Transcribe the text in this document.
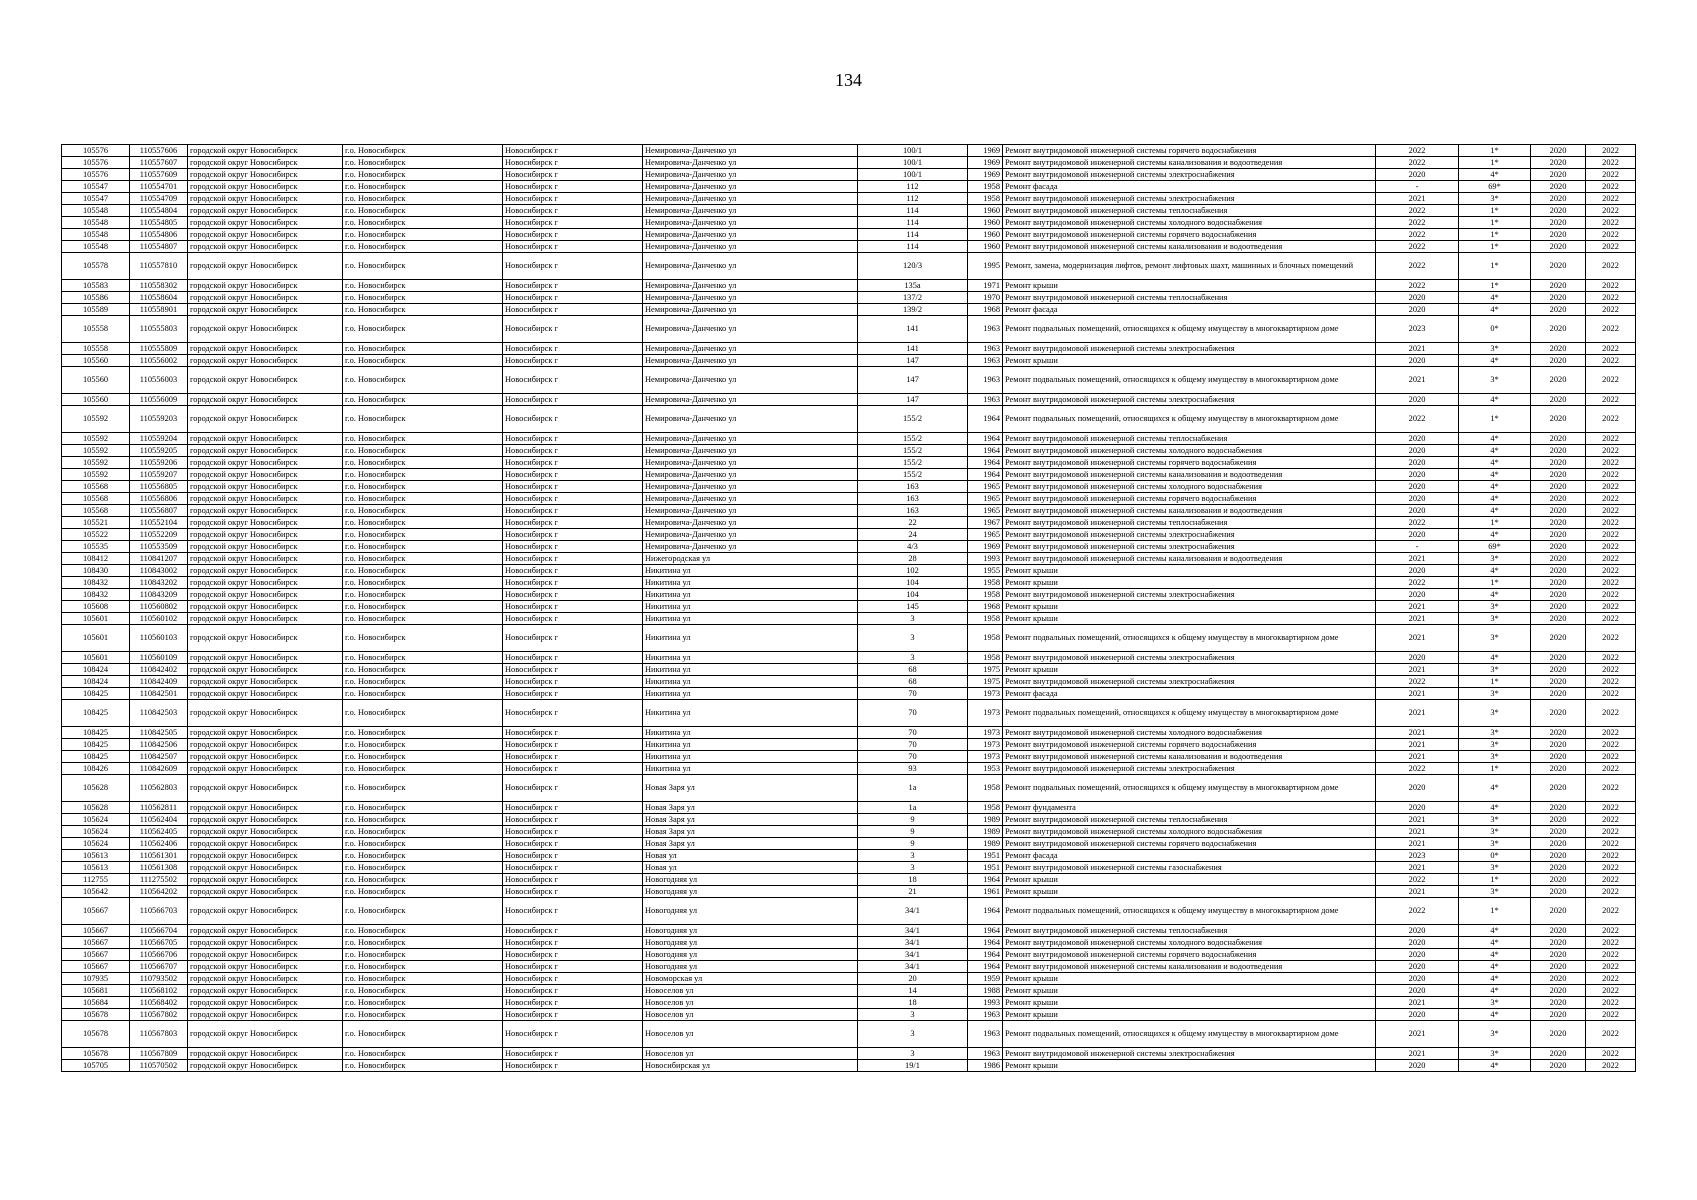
134
105576	110557606	городской округ Новосибирск	г.о. Новосибирск	Новосибирск г	Немировича-Данченко ул	100/1	1969	Ремонт внутридомовой инженерной системы горячего водоснабжения	2022	1*	2020	2022
105576	110557607	городской округ Новосибирск	г.о. Новосибирск	Новосибирск г	Немировича-Данченко ул	100/1	1969	Ремонт внутридомовой инженерной системы канализования и водоотведения	2022	1*	2020	2022
105576	110557609	городской округ Новосибирск	г.о. Новосибирск	Новосибирск г	Немировича-Данченко ул	100/1	1969	Ремонт внутридомовой инженерной системы электроснабжения	2020	4*	2020	2022
105547	110554701	городской округ Новосибирск	г.о. Новосибирск	Новосибирск г	Немировича-Данченко ул	112	1958	Ремонт фасада	-	69*	2020	2022
105547	110554709	городской округ Новосибирск	г.о. Новосибирск	Новосибирск г	Немировича-Данченко ул	112	1958	Ремонт внутридомовой инженерной системы электроснабжения	2021	3*	2020	2022
105548	110554804	городской округ Новосибирск	г.о. Новосибирск	Новосибирск г	Немировича-Данченко ул	114	1960	Ремонт внутридомовой инженерной системы теплоснабжения	2022	1*	2020	2022
105548	110554805	городской округ Новосибирск	г.о. Новосибирск	Новосибирск г	Немировича-Данченко ул	114	1960	Ремонт внутридомовой инженерной системы холодного водоснабжения	2022	1*	2020	2022
105548	110554806	городской округ Новосибирск	г.о. Новосибирск	Новосибирск г	Немировича-Данченко ул	114	1960	Ремонт внутридомовой инженерной системы горячего водоснабжения	2022	1*	2020	2022
105548	110554807	городской округ Новосибирск	г.о. Новосибирск	Новосибирск г	Немировича-Данченко ул	114	1960	Ремонт внутридомовой инженерной системы канализования и водоотведения	2022	1*	2020	2022
105578	110557810	городской округ Новосибирск	г.о. Новосибирск	Новосибирск г	Немировича-Данченко ул	120/3	1995	Ремонт, замена, модернизация лифтов, ремонт лифтовых шахт, машинных и блочных помещений	2022	1*	2020	2022
105583	110558302	городской округ Новосибирск	г.о. Новосибирск	Новосибирск г	Немировича-Данченко ул	135а	1971	Ремонт крыши	2022	1*	2020	2022
105586	110558604	городской округ Новосибирск	г.о. Новосибирск	Новосибирск г	Немировича-Данченко ул	137/2	1970	Ремонт внутридомовой инженерной системы теплоснабжения	2020	4*	2020	2022
105589	110558901	городской округ Новосибирск	г.о. Новосибирск	Новосибирск г	Немировича-Данченко ул	139/2	1968	Ремонт фасада	2020	4*	2020	2022
105558	110555803	городской округ Новосибирск	г.о. Новосибирск	Новосибирск г	Немировича-Данченко ул	141	1963	Ремонт подвальных помещений, относящихся к общему имуществу в многоквартирном доме	2023	0*	2020	2022
105558	110555809	городской округ Новосибирск	г.о. Новосибирск	Новосибирск г	Немировича-Данченко ул	141	1963	Ремонт внутридомовой инженерной системы электроснабжения	2021	3*	2020	2022
105560	110556002	городской округ Новосибирск	г.о. Новосибирск	Новосибирск г	Немировича-Данченко ул	147	1963	Ремонт крыши	2020	4*	2020	2022
105560	110556003	городской округ Новосибирск	г.о. Новосибирск	Новосибирск г	Немировича-Данченко ул	147	1963	Ремонт подвальных помещений, относящихся к общему имуществу в многоквартирном доме	2021	3*	2020	2022
105560	110556009	городской округ Новосибирск	г.о. Новосибирск	Новосибирск г	Немировича-Данченко ул	147	1963	Ремонт внутридомовой инженерной системы электроснабжения	2020	4*	2020	2022
105592	110559203	городской округ Новосибирск	г.о. Новосибирск	Новосибирск г	Немировича-Данченко ул	155/2	1964	Ремонт подвальных помещений, относящихся к общему имуществу в многоквартирном доме	2022	1*	2020	2022
105592	110559204	городской округ Новосибирск	г.о. Новосибирск	Новосибирск г	Немировича-Данченко ул	155/2	1964	Ремонт внутридомовой инженерной системы теплоснабжения	2020	4*	2020	2022
105592	110559205	городской округ Новосибирск	г.о. Новосибирск	Новосибирск г	Немировича-Данченко ул	155/2	1964	Ремонт внутридомовой инженерной системы холодного водоснабжения	2020	4*	2020	2022
105592	110559206	городской округ Новосибирск	г.о. Новосибирск	Новосибирск г	Немировича-Данченко ул	155/2	1964	Ремонт внутридомовой инженерной системы горячего водоснабжения	2020	4*	2020	2022
105592	110559207	городской округ Новосибирск	г.о. Новосибирск	Новосибирск г	Немировича-Данченко ул	155/2	1964	Ремонт внутридомовой инженерной системы канализования и водоотведения	2020	4*	2020	2022
105568	110556805	городской округ Новосибирск	г.о. Новосибирск	Новосибирск г	Немировича-Данченко ул	163	1965	Ремонт внутридомовой инженерной системы холодного водоснабжения	2020	4*	2020	2022
105568	110556806	городской округ Новосибирск	г.о. Новосибирск	Новосибирск г	Немировича-Данченко ул	163	1965	Ремонт внутридомовой инженерной системы горячего водоснабжения	2020	4*	2020	2022
105568	110556807	городской округ Новосибирск	г.о. Новосибирск	Новосибирск г	Немировича-Данченко ул	163	1965	Ремонт внутридомовой инженерной системы канализования и водоотведения	2020	4*	2020	2022
105521	110552104	городской округ Новосибирск	г.о. Новосибирск	Новосибирск г	Немировича-Данченко ул	22	1967	Ремонт внутридомовой инженерной системы теплоснабжения	2022	1*	2020	2022
105522	110552209	городской округ Новосибирск	г.о. Новосибирск	Новосибирск г	Немировича-Данченко ул	24	1965	Ремонт внутридомовой инженерной системы электроснабжения	2020	4*	2020	2022
105535	110553509	городской округ Новосибирск	г.о. Новосибирск	Новосибирск г	Немировича-Данченко ул	4/3	1969	Ремонт внутридомовой инженерной системы электроснабжения	-	69*	2020	2022
108412	110841207	городской округ Новосибирск	г.о. Новосибирск	Новосибирск г	Нижегородская ул	28	1993	Ремонт внутридомовой инженерной системы канализования и водоотведения	2021	3*	2020	2022
108430	110843002	городской округ Новосибирск	г.о. Новосибирск	Новосибирск г	Никитина ул	102	1955	Ремонт крыши	2020	4*	2020	2022
108432	110843202	городской округ Новосибирск	г.о. Новосибирск	Новосибирск г	Никитина ул	104	1958	Ремонт крыши	2022	1*	2020	2022
108432	110843209	городской округ Новосибирск	г.о. Новосибирск	Новосибирск г	Никитина ул	104	1958	Ремонт внутридомовой инженерной системы электроснабжения	2020	4*	2020	2022
105608	110560802	городской округ Новосибирск	г.о. Новосибирск	Новосибирск г	Никитина ул	145	1968	Ремонт крыши	2021	3*	2020	2022
105601	110560102	городской округ Новосибирск	г.о. Новосибирск	Новосибирск г	Никитина ул	3	1958	Ремонт крыши	2021	3*	2020	2022
105601	110560103	городской округ Новосибирск	г.о. Новосибирск	Новосибирск г	Никитина ул	3	1958	Ремонт подвальных помещений, относящихся к общему имуществу в многоквартирном доме	2021	3*	2020	2022
105601	110560109	городской округ Новосибирск	г.о. Новосибирск	Новосибирск г	Никитина ул	3	1958	Ремонт внутридомовой инженерной системы электроснабжения	2020	4*	2020	2022
108424	110842402	городской округ Новосибирск	г.о. Новосибирск	Новосибирск г	Никитина ул	68	1975	Ремонт крыши	2021	3*	2020	2022
108424	110842409	городской округ Новосибирск	г.о. Новосибирск	Новосибирск г	Никитина ул	68	1975	Ремонт внутридомовой инженерной системы электроснабжения	2022	1*	2020	2022
108425	110842501	городской округ Новосибирск	г.о. Новосибирск	Новосибирск г	Никитина ул	70	1973	Ремонт фасада	2021	3*	2020	2022
108425	110842503	городской округ Новосибирск	г.о. Новосибирск	Новосибирск г	Никитина ул	70	1973	Ремонт подвальных помещений, относящихся к общему имуществу в многоквартирном доме	2021	3*	2020	2022
108425	110842505	городской округ Новосибирск	г.о. Новосибирск	Новосибирск г	Никитина ул	70	1973	Ремонт внутридомовой инженерной системы холодного водоснабжения	2021	3*	2020	2022
108425	110842506	городской округ Новосибирск	г.о. Новосибирск	Новосибирск г	Никитина ул	70	1973	Ремонт внутридомовой инженерной системы горячего водоснабжения	2021	3*	2020	2022
108425	110842507	городской округ Новосибирск	г.о. Новосибирск	Новосибирск г	Никитина ул	70	1973	Ремонт внутридомовой инженерной системы канализования и водоотведения	2021	3*	2020	2022
108426	110842609	городской округ Новосибирск	г.о. Новосибирск	Новосибирск г	Никитина ул	93	1953	Ремонт внутридомовой инженерной системы электроснабжения	2022	1*	2020	2022
105628	110562803	городской округ Новосибирск	г.о. Новосибирск	Новосибирск г	Новая Заря ул	1а	1958	Ремонт подвальных помещений, относящихся к общему имуществу в многоквартирном доме	2020	4*	2020	2022
105628	110562811	городской округ Новосибирск	г.о. Новосибирск	Новосибирск г	Новая Заря ул	1а	1958	Ремонт фундамента	2020	4*	2020	2022
105624	110562404	городской округ Новосибирск	г.о. Новосибирск	Новосибирск г	Новая Заря ул	9	1989	Ремонт внутридомовой инженерной системы теплоснабжения	2021	3*	2020	2022
105624	110562405	городской округ Новосибирск	г.о. Новосибирск	Новосибирск г	Новая Заря ул	9	1989	Ремонт внутридомовой инженерной системы холодного водоснабжения	2021	3*	2020	2022
105624	110562406	городской округ Новосибирск	г.о. Новосибирск	Новосибирск г	Новая Заря ул	9	1989	Ремонт внутридомовой инженерной системы горячего водоснабжения	2021	3*	2020	2022
105613	110561301	городской округ Новосибирск	г.о. Новосибирск	Новосибирск г	Новая ул	3	1951	Ремонт фасада	2023	0*	2020	2022
105613	110561308	городской округ Новосибирск	г.о. Новосибирск	Новосибирск г	Новая ул	3	1951	Ремонт внутридомовой инженерной системы газоснабжения	2021	3*	2020	2022
112755	111275502	городской округ Новосибирск	г.о. Новосибирск	Новосибирск г	Новогодняя ул	18	1964	Ремонт крыши	2022	1*	2020	2022
105642	110564202	городской округ Новосибирск	г.о. Новосибирск	Новосибирск г	Новогодняя ул	21	1961	Ремонт крыши	2021	3*	2020	2022
105667	110566703	городской округ Новосибирск	г.о. Новосибирск	Новосибирск г	Новогодняя ул	34/1	1964	Ремонт подвальных помещений, относящихся к общему имуществу в многоквартирном доме	2022	1*	2020	2022
105667	110566704	городской округ Новосибирск	г.о. Новосибирск	Новосибирск г	Новогодняя ул	34/1	1964	Ремонт внутридомовой инженерной системы теплоснабжения	2020	4*	2020	2022
105667	110566705	городской округ Новосибирск	г.о. Новосибирск	Новосибирск г	Новогодняя ул	34/1	1964	Ремонт внутридомовой инженерной системы холодного водоснабжения	2020	4*	2020	2022
105667	110566706	городской округ Новосибирск	г.о. Новосибирск	Новосибирск г	Новогодняя ул	34/1	1964	Ремонт внутридомовой инженерной системы горячего водоснабжения	2020	4*	2020	2022
105667	110566707	городской округ Новосибирск	г.о. Новосибирск	Новосибирск г	Новогодняя ул	34/1	1964	Ремонт внутридомовой инженерной системы канализования и водоотведения	2020	4*	2020	2022
107935	110793502	городской округ Новосибирск	г.о. Новосибирск	Новосибирск г	Новоморская ул	20	1959	Ремонт крыши	2020	4*	2020	2022
105681	110568102	городской округ Новосибирск	г.о. Новосибирск	Новосибирск г	Новоселов ул	14	1988	Ремонт крыши	2020	4*	2020	2022
105684	110568402	городской округ Новосибирск	г.о. Новосибирск	Новосибирск г	Новоселов ул	18	1993	Ремонт крыши	2021	3*	2020	2022
105678	110567802	городской округ Новосибирск	г.о. Новосибирск	Новосибирск г	Новоселов ул	3	1963	Ремонт крыши	2020	4*	2020	2022
105678	110567803	городской округ Новосибирск	г.о. Новосибирск	Новосибирск г	Новоселов ул	3	1963	Ремонт подвальных помещений, относящихся к общему имуществу в многоквартирном доме	2021	3*	2020	2022
105678	110567809	городской округ Новосибирск	г.о. Новосибирск	Новосибирск г	Новоселов ул	3	1963	Ремонт внутридомовой инженерной системы электроснабжения	2021	3*	2020	2022
105705	110570502	городской округ Новосибирск	г.о. Новосибирск	Новосибирск г	Новосибирская ул	19/1	1986	Ремонт крыши	2020	4*	2020	2022
